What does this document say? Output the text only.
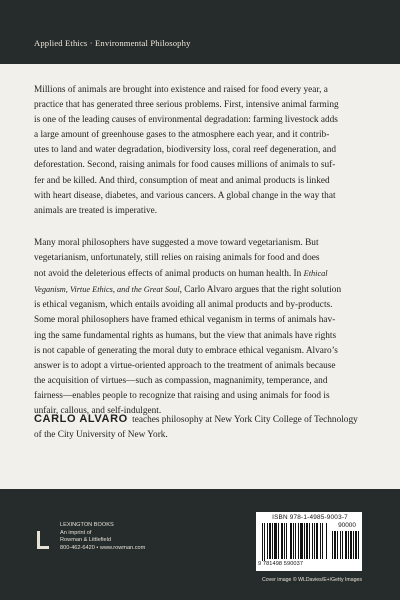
Applied Ethics · Environmental Philosophy
Millions of animals are brought into existence and raised for food every year, a
practice that has generated three serious problems. First, intensive animal farming
is one of the leading causes of environmental degradation: farming livestock adds
a large amount of greenhouse gases to the atmosphere each year, and it contrib-
utes to land and water degradation, biodiversity loss, coral reef degeneration, and
deforestation. Second, raising animals for food causes millions of animals to suf-
fer and be killed. And third, consumption of meat and animal products is linked
with heart disease, diabetes, and various cancers. A global change in the way that
animals are treated is imperative.
Many moral philosophers have suggested a move toward vegetarianism. But
vegetarianism, unfortunately, still relies on raising animals for food and does
not avoid the deleterious effects of animal products on human health. In Ethical
Veganism, Virtue Ethics, and the Great Soul, Carlo Alvaro argues that the right solution
is ethical veganism, which entails avoiding all animal products and by-products.
Some moral philosophers have framed ethical veganism in terms of animals hav-
ing the same fundamental rights as humans, but the view that animals have rights
is not capable of generating the moral duty to embrace ethical veganism. Alvaro’s
answer is to adopt a virtue-oriented approach to the treatment of animals because
the acquisition of virtues—such as compassion, magnanimity, temperance, and
fairness—enables people to recognize that raising and using animals for food is
unfair, callous, and self-indulgent.
CARLO ALVARO teaches philosophy at New York City College of Technology
of the City University of New York.
LEXINGTON BOOKS
An imprint of
Rowman & Littlefield
800-462-6420 • www.rowman.com
ISBN 978-1-4985-9003-7
90000
9 781498 590037
Cover image © WLDavies/E+/Getty Images
